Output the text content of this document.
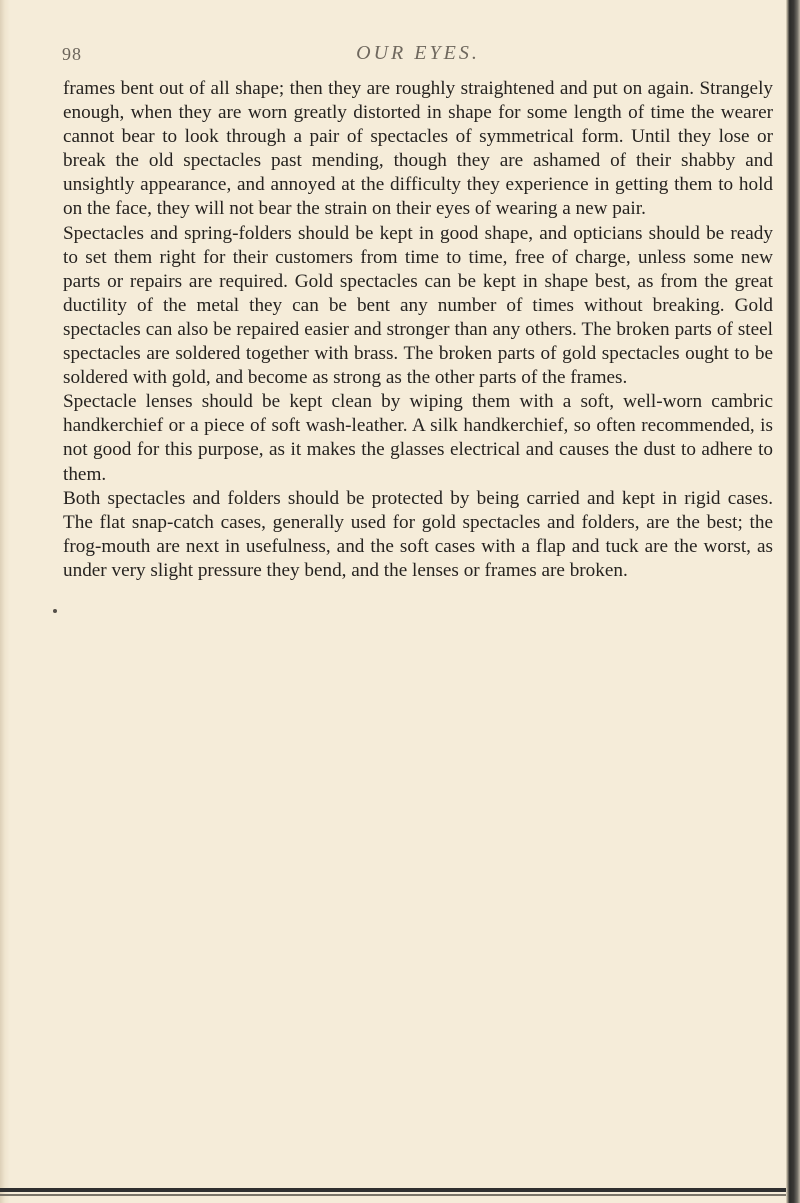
98	OUR EYES.

frames bent out of all shape; then they are roughly straightened and put on again. Strangely enough, when they are worn greatly distorted in shape for some length of time the wearer cannot bear to look through a pair of spectacles of symmetrical form. Until they lose or break the old spectacles past mending, though they are ashamed of their shabby and unsightly appearance, and annoyed at the difficulty they experience in getting them to hold on the face, they will not bear the strain on their eyes of wearing a new pair.

Spectacles and spring-folders should be kept in good shape, and opticians should be ready to set them right for their customers from time to time, free of charge, unless some new parts or repairs are required. Gold spectacles can be kept in shape best, as from the great ductility of the metal they can be bent any number of times without breaking. Gold spectacles can also be repaired easier and stronger than any others. The broken parts of steel spectacles are soldered together with brass. The broken parts of gold spectacles ought to be soldered with gold, and become as strong as the other parts of the frames.

Spectacle lenses should be kept clean by wiping them with a soft, well-worn cambric handkerchief or a piece of soft wash-leather. A silk handkerchief, so often recommended, is not good for this purpose, as it makes the glasses electrical and causes the dust to adhere to them.

Both spectacles and folders should be protected by being carried and kept in rigid cases. The flat snap-catch cases, generally used for gold spectacles and folders, are the best; the frog-mouth are next in usefulness, and the soft cases with a flap and tuck are the worst, as under very slight pressure they bend, and the lenses or frames are broken.
